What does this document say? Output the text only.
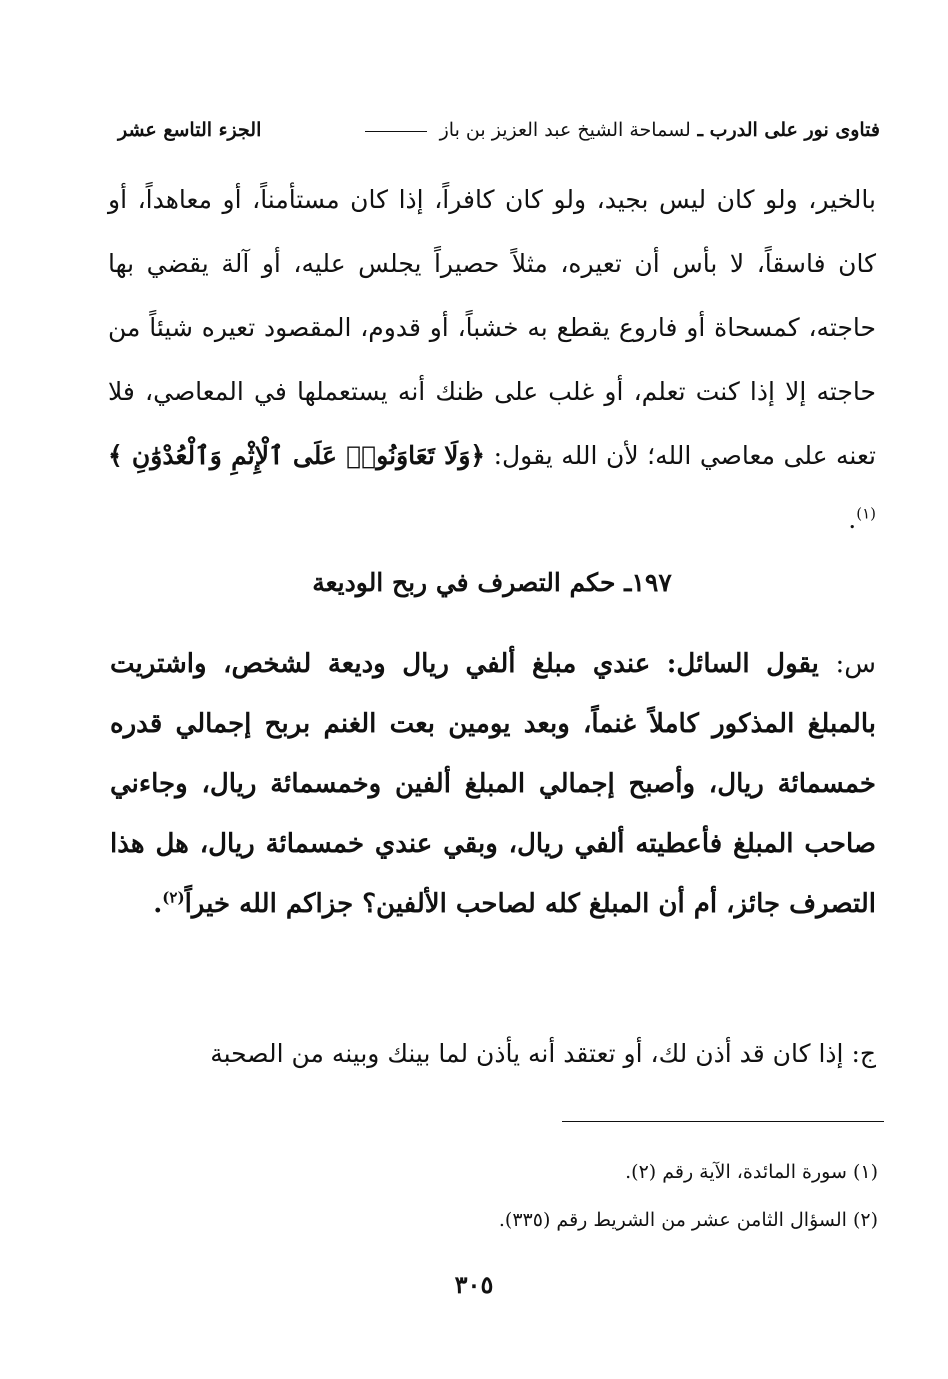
فتاوى نور على الدرب ـ لسماحة الشيخ عبد العزيز بن باز
الجزء التاسع عشر

بالخير، ولو كان ليس بجيد، ولو كان كافراً، إذا كان مستأمناً، أو معاهداً، أو كان فاسقاً، لا بأس أن تعيره، مثلاً حصيراً يجلس عليه، أو آلة يقضي بها حاجته، كمسحاة أو فاروع يقطع به خشباً، أو قدوم، المقصود تعيره شيئاً من حاجته إلا إذا كنت تعلم، أو غلب على ظنك أنه يستعملها في المعاصي، فلا تعنه على معاصي الله؛ لأن الله يقول: ﴿وَلَا تَعَاوَنُوا۟ عَلَى ٱلْإِثْمِ وَٱلْعُدْوَٰنِ ﴾$^{(١)}$.

١٩٧ـ حكم التصرف في ربح الوديعة
س: يقول السائل: عندي مبلغ ألفي ريال وديعة لشخص، واشتريت بالمبلغ المذكور كاملاً غنماً، وبعد يومين بعت الغنم بربح إجمالي قدره خمسمائة ريال، وأصبح إجمالي المبلغ ألفين وخمسمائة ريال، وجاءني صاحب المبلغ فأعطيته ألفي ريال، وبقي عندي خمسمائة ريال، هل هذا التصرف جائز، أم أن المبلغ كله لصاحب الألفين؟ جزاكم الله خيراً$^{(٢)}$.
ج: إذا كان قد أذن لك، أو تعتقد أنه يأذن لما بينك وبينه من الصحبة
(١) سورة المائدة، الآية رقم (٢).
(٢) السؤال الثامن عشر من الشريط رقم (٣٣٥).
٣٠٥
